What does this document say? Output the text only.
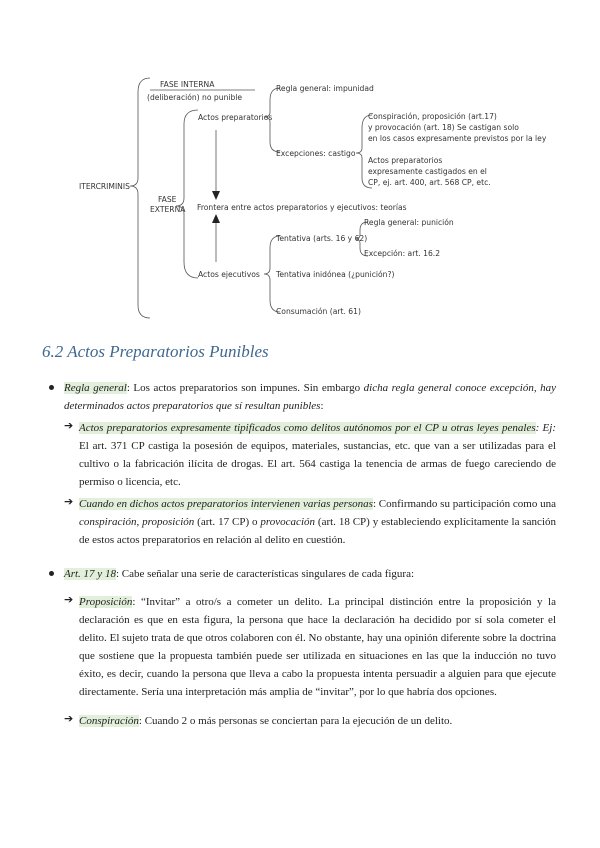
ITERCRIMINIS
FASE INTERNA
(deliberación) no punible
FASE
EXTERNA
Actos preparatorios
Regla general: impunidad
Excepciones: castigo
Conspiración, proposición (art.17)
y provocación (art. 18) Se castigan solo
en los casos expresamente previstos por la ley
Actos preparatorios
expresamente castigados en el
CP, ej. art. 400, art. 568 CP, etc.
Frontera entre actos preparatorios y ejecutivos: teorías
Actos ejecutivos
Tentativa (arts. 16 y 62)
Regla general: punición
Excepción: art. 16.2
Tentativa inidónea (¿punición?)
Consumación (art. 61)
6.2 Actos Preparatorios Punibles

Regla general: Los actos preparatorios son impunes. Sin embargo dicha regla general conoce excepción, hay determinados actos preparatorios que sí resultan punibles:

➔ Actos preparatorios expresamente tipificados como delitos autónomos por el CP u otras leyes penales: Ej: El art. 371 CP castiga la posesión de equipos, materiales, sustancias, etc. que van a ser utilizadas para el cultivo o la fabricación ilícita de drogas. El art. 564 castiga la tenencia de armas de fuego careciendo de permiso o licencia, etc.

➔ Cuando en dichos actos preparatorios intervienen varias personas: Confirmando su participación como una conspiración, proposición (art. 17 CP) o provocación (art. 18 CP) y estableciendo explícitamente la sanción de estos actos preparatorios en relación al delito en cuestión.

Art. 17 y 18: Cabe señalar una serie de características singulares de cada figura:

➔ Proposición: “Invitar” a otro/s a cometer un delito. La principal distinción entre la proposición y la declaración es que en esta figura, la persona que hace la declaración ha decidido por sí sola cometer el delito. El sujeto trata de que otros colaboren con él. No obstante, hay una opinión diferente sobre la doctrina que sostiene que la propuesta también puede ser utilizada en situaciones en las que la inducción no tuvo éxito, es decir, cuando la persona que lleva a cabo la propuesta intenta persuadir a alguien para que ejecute directamente. Sería una interpretación más amplia de “invitar”, por lo que habría dos opciones.

➔ Conspiración: Cuando 2 o más personas se conciertan para la ejecución de un delito.
